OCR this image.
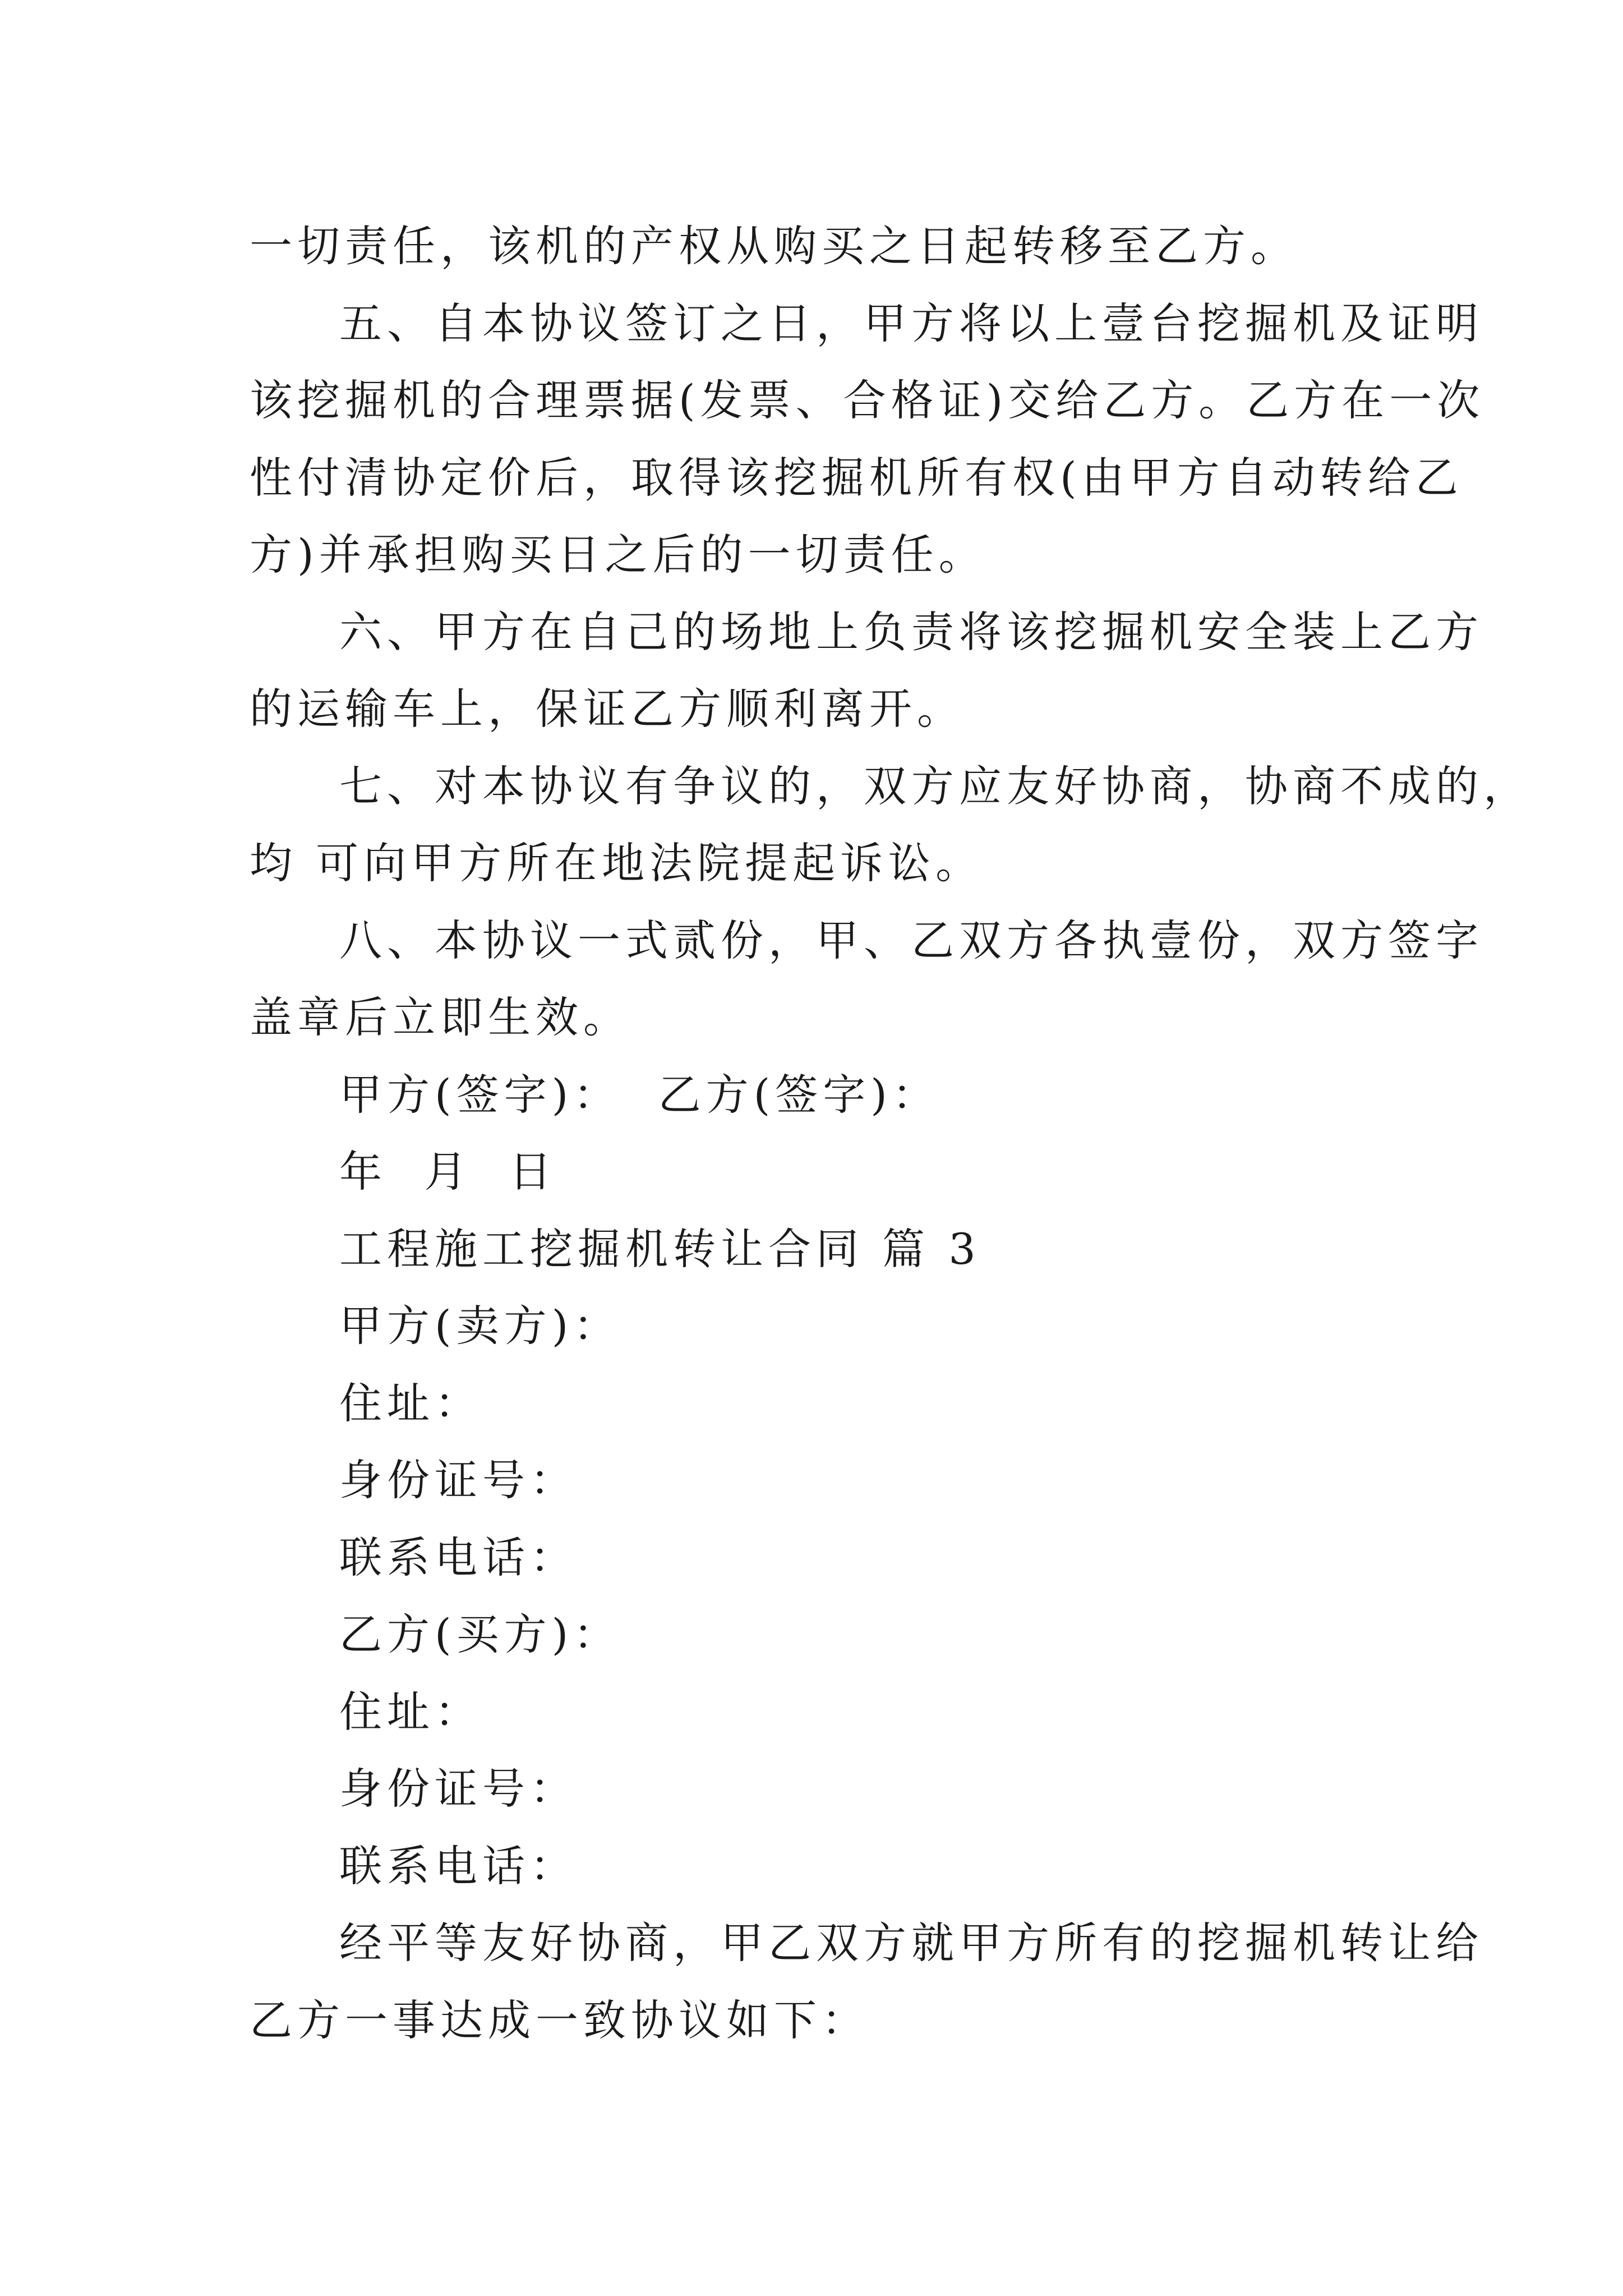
一切责任，该机的产权从购买之日起转移至乙方。
五、自本协议签订之日，甲方将以上壹台挖掘机及证明
该挖掘机的合理票据(发票、合格证)交给乙方。乙方在一次
性付清协定价后，取得该挖掘机所有权(由甲方自动转给乙
方)并承担购买日之后的一切责任。
六、甲方在自己的场地上负责将该挖掘机安全装上乙方
的运输车上，保证乙方顺利离开。
七、对本协议有争议的，双方应友好协商，协商不成的，
均 可向甲方所在地法院提起诉讼。
八、本协议一式贰份，甲、乙双方各执壹份，双方签字
盖章后立即生效。
甲方(签字)：  乙方(签字)：
年  月  日
工程施工挖掘机转让合同 篇 3
甲方(卖方)：
住址：
身份证号：
联系电话：
乙方(买方)：
住址：
身份证号：
联系电话：
经平等友好协商，甲乙双方就甲方所有的挖掘机转让给
乙方一事达成一致协议如下：
